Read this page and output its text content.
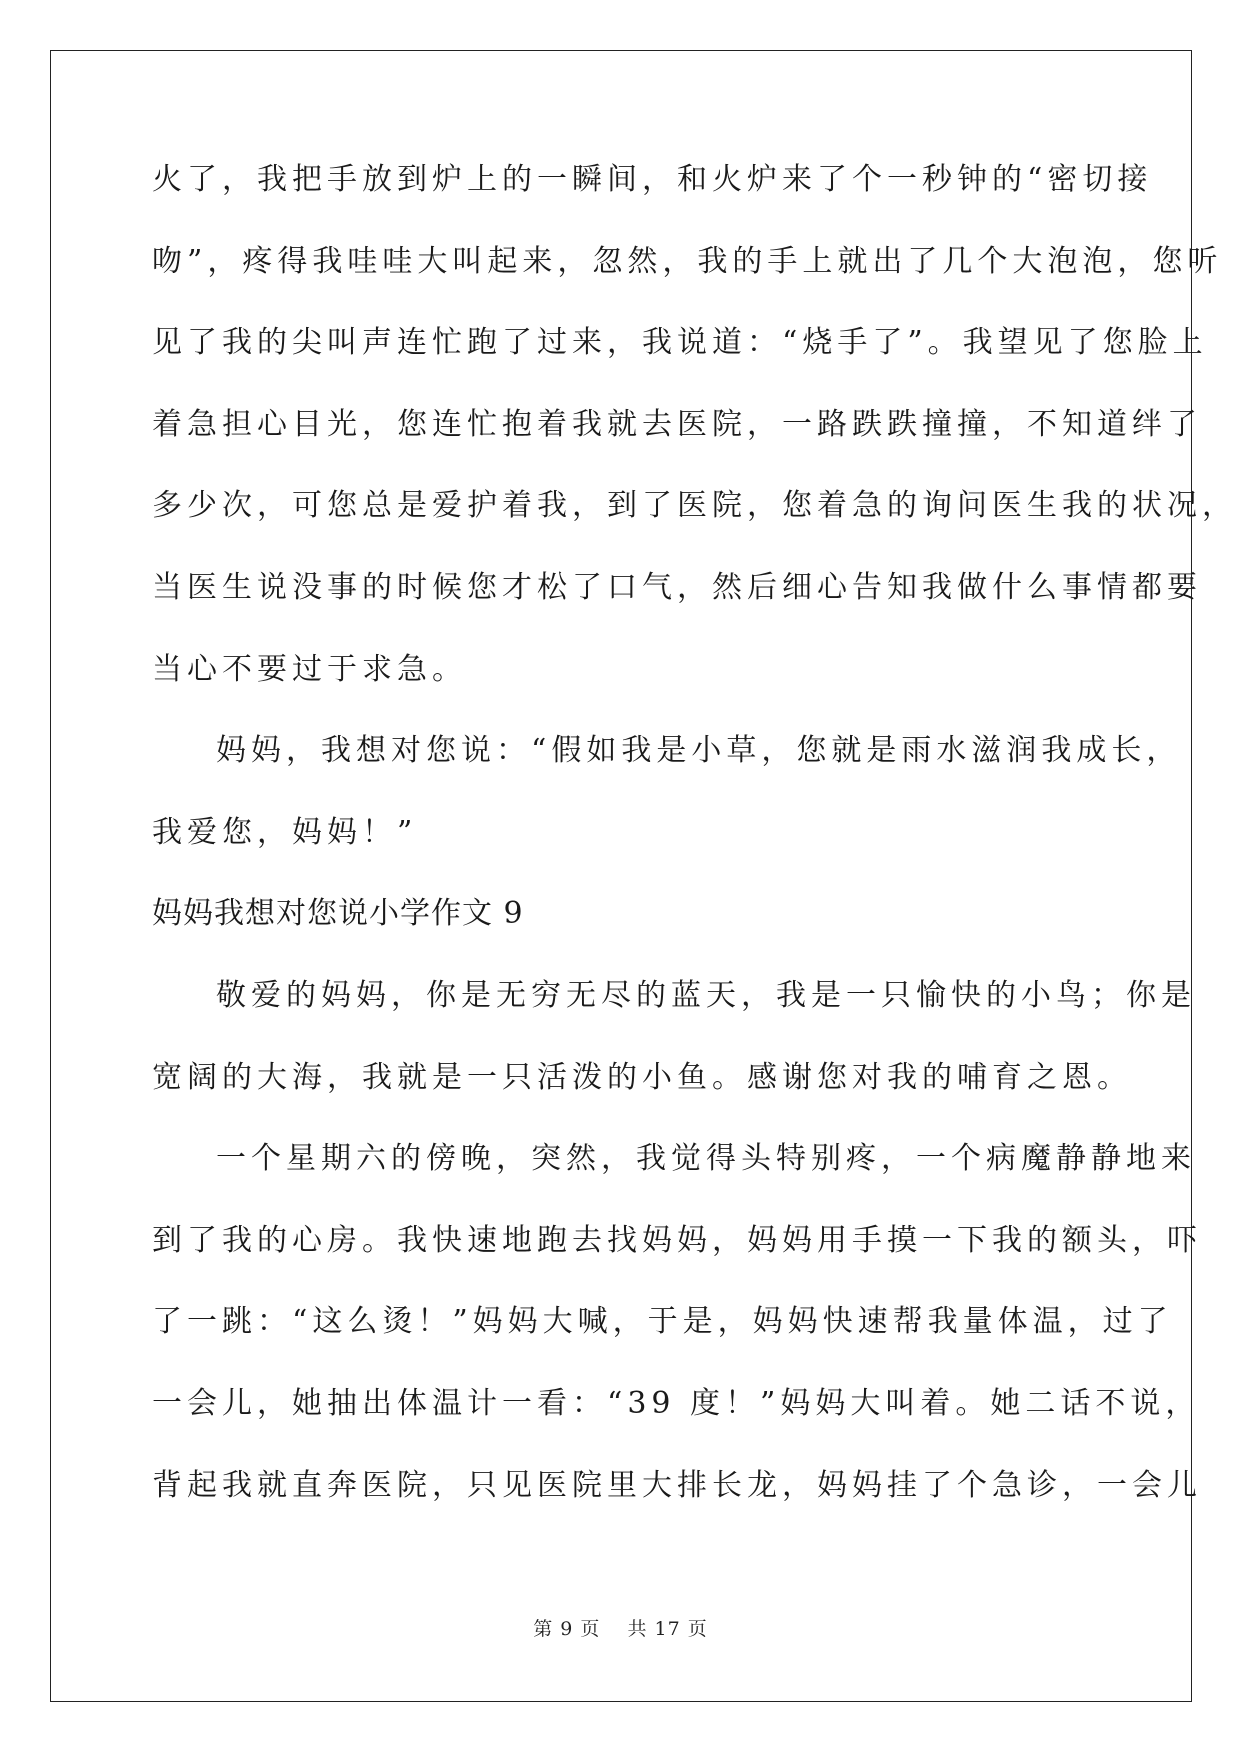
火了，我把手放到炉上的一瞬间，和火炉来了个一秒钟的“密切接
吻”，疼得我哇哇大叫起来，忽然，我的手上就出了几个大泡泡，您听
见了我的尖叫声连忙跑了过来，我说道：“烧手了”。我望见了您脸上
着急担心目光，您连忙抱着我就去医院，一路跌跌撞撞，不知道绊了
多少次，可您总是爱护着我，到了医院，您着急的询问医生我的状况，
当医生说没事的时候您才松了口气，然后细心告知我做什么事情都要
当心不要过于求急。
妈妈，我想对您说：“假如我是小草，您就是雨水滋润我成长，
我爱您，妈妈！”
妈妈我想对您说小学作文 9
敬爱的妈妈，你是无穷无尽的蓝天，我是一只愉快的小鸟；你是
宽阔的大海，我就是一只活泼的小鱼。感谢您对我的哺育之恩。
一个星期六的傍晚，突然，我觉得头特别疼，一个病魔静静地来
到了我的心房。我快速地跑去找妈妈，妈妈用手摸一下我的额头，吓
了一跳：“这么烫！”妈妈大喊，于是，妈妈快速帮我量体温，过了
一会儿，她抽出体温计一看：“39 度！”妈妈大叫着。她二话不说，
背起我就直奔医院，只见医院里大排长龙，妈妈挂了个急诊，一会儿
第 9 页 共 17 页
